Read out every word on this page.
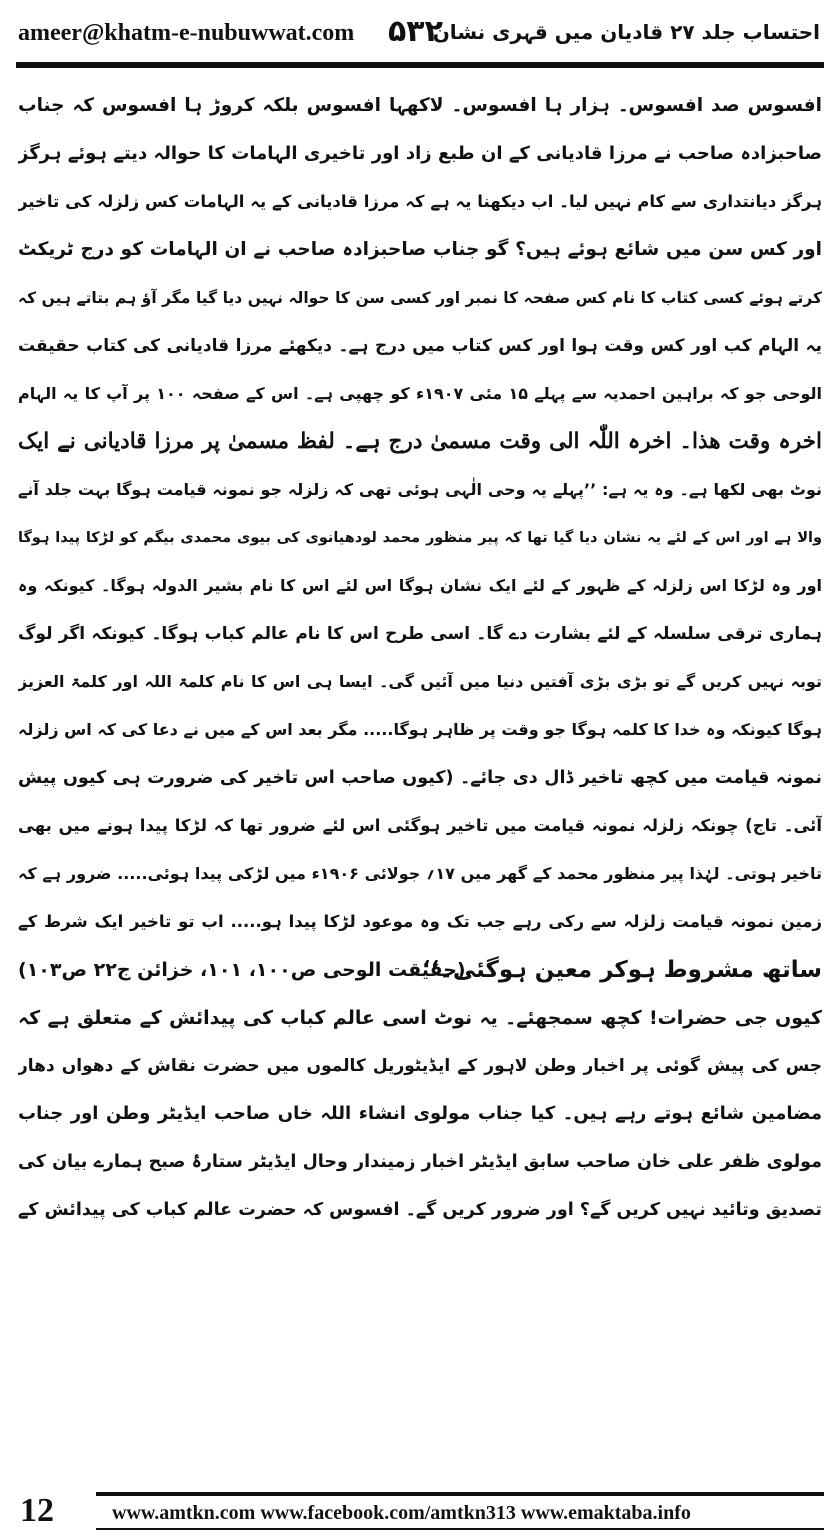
ameer@khatm-e-nubuwwat.com ۵۳۲
احتساب جلد ۲۷ قادیان میں قہری نشان
افسوس صد افسوس۔ ہزار ہا افسوس۔ لاکھہا افسوس بلکہ کروڑ ہا افسوس کہ جناب
صاحبزادہ صاحب نے مرزا قادیانی کے ان طبع زاد اور تاخیری الہامات کا حوالہ دیتے ہوئے ہرگز
ہرگز دیانتداری سے کام نہیں لیا۔ اب دیکھنا یہ ہے کہ مرزا قادیانی کے یہ الہامات کس زلزلہ کی تاخیر
اور کس سن میں شائع ہوئے ہیں؟ گو جناب صاحبزادہ صاحب نے ان الہامات کو درج ٹریکٹ
کرتے ہوئے کسی کتاب کا نام کس صفحہ کا نمبر اور کسی سن کا حوالہ نہیں دیا گیا مگر آؤ ہم بتاتے ہیں کہ
یہ الہام کب اور کس وقت ہوا اور کس کتاب میں درج ہے۔ دیکھئے مرزا قادیانی کی کتاب حقیقت
الوحی جو کہ براہین احمدیہ سے پہلے ۱۵ مئی ۱۹۰۷ء کو چھپی ہے۔ اس کے صفحہ ۱۰۰ پر آپ کا یہ الہام
اخرہ وقت ھذا۔ اخرہ اللّٰہ الی وقت مسمیٰ درج ہے۔ لفظ مسمیٰ پر مرزا قادیانی نے ایک
نوٹ بھی لکھا ہے۔ وہ یہ ہے: ’’پہلے یہ وحی الٰہی ہوئی تھی کہ زلزلہ جو نمونہ قیامت ہوگا بہت جلد آنے
والا ہے اور اس کے لئے یہ نشان دیا گیا تھا کہ پیر منظور محمد لودھیانوی کی بیوی محمدی بیگم کو لڑکا پیدا ہوگا
اور وہ لڑکا اس زلزلہ کے ظہور کے لئے ایک نشان ہوگا اس لئے اس کا نام بشیر الدولہ ہوگا۔ کیونکہ وہ
ہماری ترقی سلسلہ کے لئے بشارت دے گا۔ اسی طرح اس کا نام عالم کباب ہوگا۔ کیونکہ اگر لوگ
توبہ نہیں کریں گے تو بڑی بڑی آفتیں دنیا میں آئیں گی۔ ایسا ہی اس کا نام کلمۃ اللہ اور کلمۃ العزیز
ہوگا کیونکہ وہ خدا کا کلمہ ہوگا جو وقت پر ظاہر ہوگا..... مگر بعد اس کے میں نے دعا کی کہ اس زلزلہ
نمونہ قیامت میں کچھ تاخیر ڈال دی جائے۔ (کیوں صاحب اس تاخیر کی ضرورت ہی کیوں پیش
آئی۔ تاج) چونکہ زلزلہ نمونہ قیامت میں تاخیر ہوگئی اس لئے ضرور تھا کہ لڑکا پیدا ہونے میں بھی
تاخیر ہوتی۔ لہٰذا پیر منظور محمد کے گھر میں ۱۷؍ جولائی ۱۹۰۶ء میں لڑکی پیدا ہوئی..... ضرور ہے کہ
زمین نمونہ قیامت زلزلہ سے رکی رہے جب تک وہ موعود لڑکا پیدا ہو..... اب تو تاخیر ایک شرط کے
ساتھ مشروط ہوکر معین ہوگئی۔‘‘
(حقیقت الوحی ص۱۰۰، ۱۰۱، خزائن ج۲۲ ص۱۰۳)
کیوں جی حضرات! کچھ سمجھئے۔ یہ نوٹ اسی عالم کباب کی پیدائش کے متعلق ہے کہ
جس کی پیش گوئی پر اخبار وطن لاہور کے ایڈیٹوریل کالموں میں حضرت نقاش کے دھواں دھار
مضامین شائع ہوتے رہے ہیں۔ کیا جناب مولوی انشاء اللہ خاں صاحب ایڈیٹر وطن اور جناب
مولوی ظفر علی خان صاحب سابق ایڈیٹر اخبار زمیندار وحال ایڈیٹر ستارۂ صبح ہمارے بیان کی
تصدیق وتائید نہیں کریں گے؟ اور ضرور کریں گے۔ افسوس کہ حضرت عالم کباب کی پیدائش کے
12	www.amtkn.com www.facebook.com/amtkn313 www.emaktaba.info
